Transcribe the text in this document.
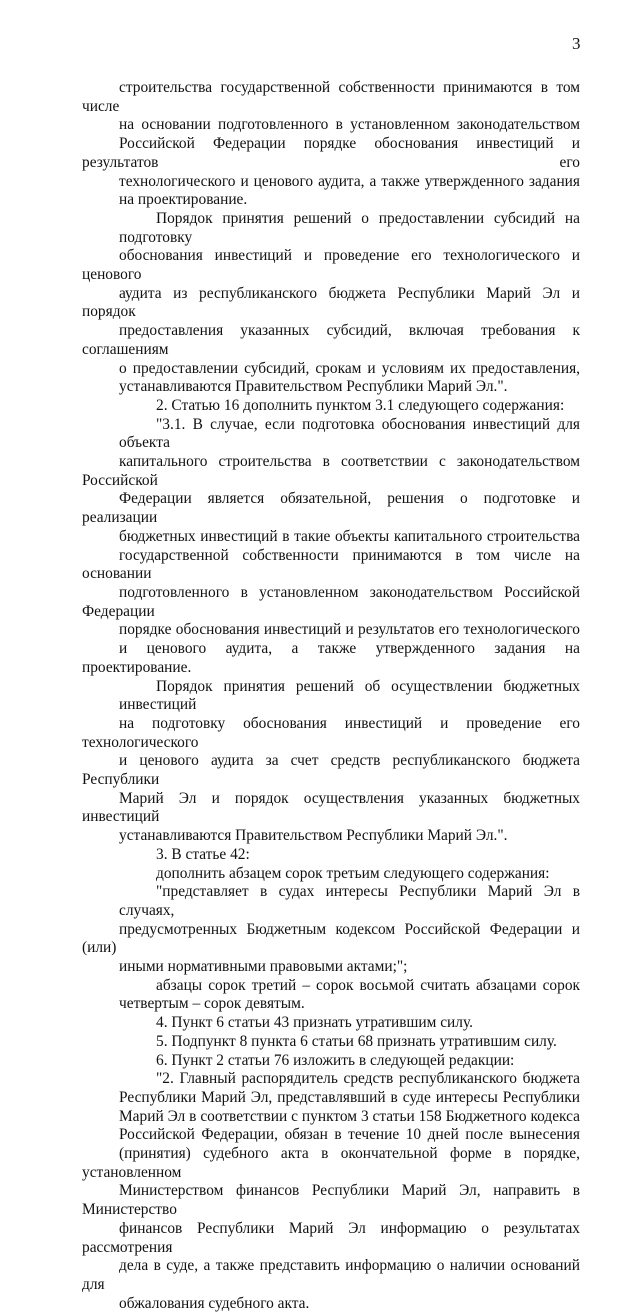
3
строительства государственной собственности принимаются в том числе
на основании подготовленного в установленном законодательством
Российской Федерации порядке обоснования инвестиций и результатов его
технологического и ценового аудита, а также утвержденного задания
на проектирование.
Порядок принятия решений о предоставлении субсидий на подготовку
обоснования инвестиций и проведение его технологического и ценового
аудита из республиканского бюджета Республики Марий Эл и порядок
предоставления указанных субсидий, включая требования к соглашениям
о предоставлении субсидий, срокам и условиям их предоставления,
устанавливаются Правительством Республики Марий Эл.".
2. Статью 16 дополнить пунктом 3.1 следующего содержания:
"3.1. В случае, если подготовка обоснования инвестиций для объекта
капитального строительства в соответствии с законодательством Российской
Федерации является обязательной, решения о подготовке и реализации
бюджетных инвестиций в такие объекты капитального строительства
государственной собственности принимаются в том числе на основании
подготовленного в установленном законодательством Российской Федерации
порядке обоснования инвестиций и результатов его технологического
и ценового аудита, а также утвержденного задания на проектирование.
Порядок принятия решений об осуществлении бюджетных инвестиций
на подготовку обоснования инвестиций и проведение его технологического
и ценового аудита за счет средств республиканского бюджета Республики
Марий Эл и порядок осуществления указанных бюджетных инвестиций
устанавливаются Правительством Республики Марий Эл.".
3. В статье 42:
дополнить абзацем сорок третьим следующего содержания:
"представляет в судах интересы Республики Марий Эл в случаях,
предусмотренных Бюджетным кодексом Российской Федерации и (или)
иными нормативными правовыми актами;";
абзацы сорок третий – сорок восьмой считать абзацами сорок
четвертым – сорок девятым.
4. Пункт 6 статьи 43 признать утратившим силу.
5. Подпункт 8 пункта 6 статьи 68 признать утратившим силу.
6. Пункт 2 статьи 76 изложить в следующей редакции:
"2. Главный распорядитель средств республиканского бюджета
Республики Марий Эл, представлявший в суде интересы Республики
Марий Эл в соответствии с пунктом 3 статьи 158 Бюджетного кодекса
Российской Федерации, обязан в течение 10 дней после вынесения
(принятия) судебного акта в окончательной форме в порядке, установленном
Министерством финансов Республики Марий Эл, направить в Министерство
финансов Республики Марий Эл информацию о результатах рассмотрения
дела в суде, а также представить информацию о наличии оснований для
обжалования судебного акта.
